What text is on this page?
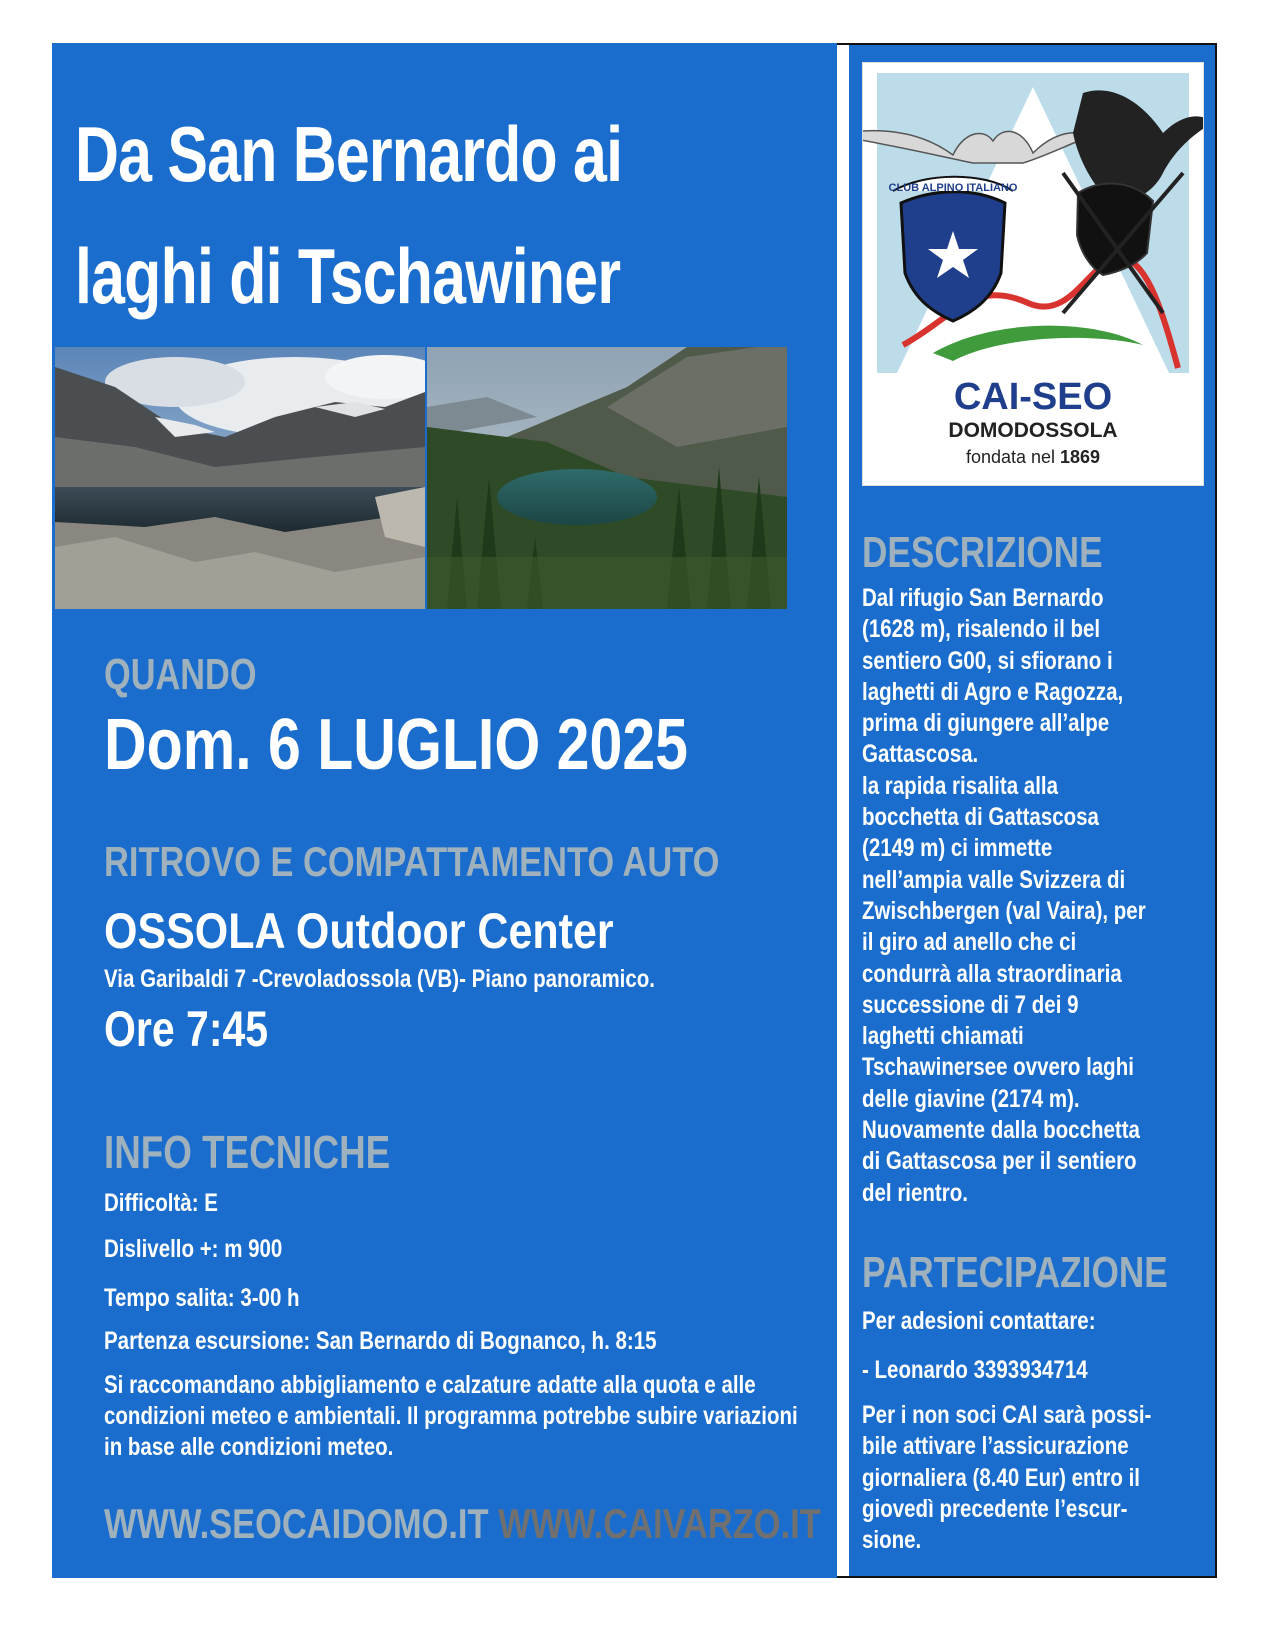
Da San Bernardo ai
laghi di Tschawiner
QUANDO
Dom. 6 LUGLIO 2025
RITROVO E COMPATTAMENTO AUTO
OSSOLA Outdoor Center
Via Garibaldi 7 -Crevoladossola (VB)- Piano panoramico.
Ore 7:45
INFO TECNICHE
Difficoltà: E
Dislivello +: m 900
Tempo salita: 3-00 h
Partenza escursione: San Bernardo di Bognanco, h. 8:15
Si raccomandano abbigliamento e calzature adatte alla quota e alle condizioni meteo e ambientali. Il programma potrebbe subire variazioni in base alle condizioni meteo.
WWW.SEOCAIDOMO.IT WWW.CAIVARZO.IT
CLUB ALPINO ITALIANO
CAI-SEO
DOMODOSSOLA
fondata nel 1869
DESCRIZIONE

Dal rifugio San Bernardo

(1628 m), risalendo il bel

sentiero G00, si sfiorano i

laghetti di Agro e Ragozza,

prima di giungere all’alpe

Gattascosa.

la rapida risalita alla

bocchetta di Gattascosa

(2149 m) ci immette

nell’ampia valle Svizzera di

Zwischbergen (val Vaira), per

il giro ad anello che ci

condurrà alla straordinaria

successione di 7 dei 9

laghetti chiamati

Tschawinersee ovvero laghi

delle giavine (2174 m).

Nuovamente dalla bocchetta

di Gattascosa per il sentiero

del rientro.

PARTECIPAZIONE
Per adesioni contattare:
- Leonardo 3393934714
Per i non soci CAI sarà possi-
bile attivare l’assicurazione
giornaliera (8.40 Eur) entro il
giovedì precedente l’escur-
sione.
